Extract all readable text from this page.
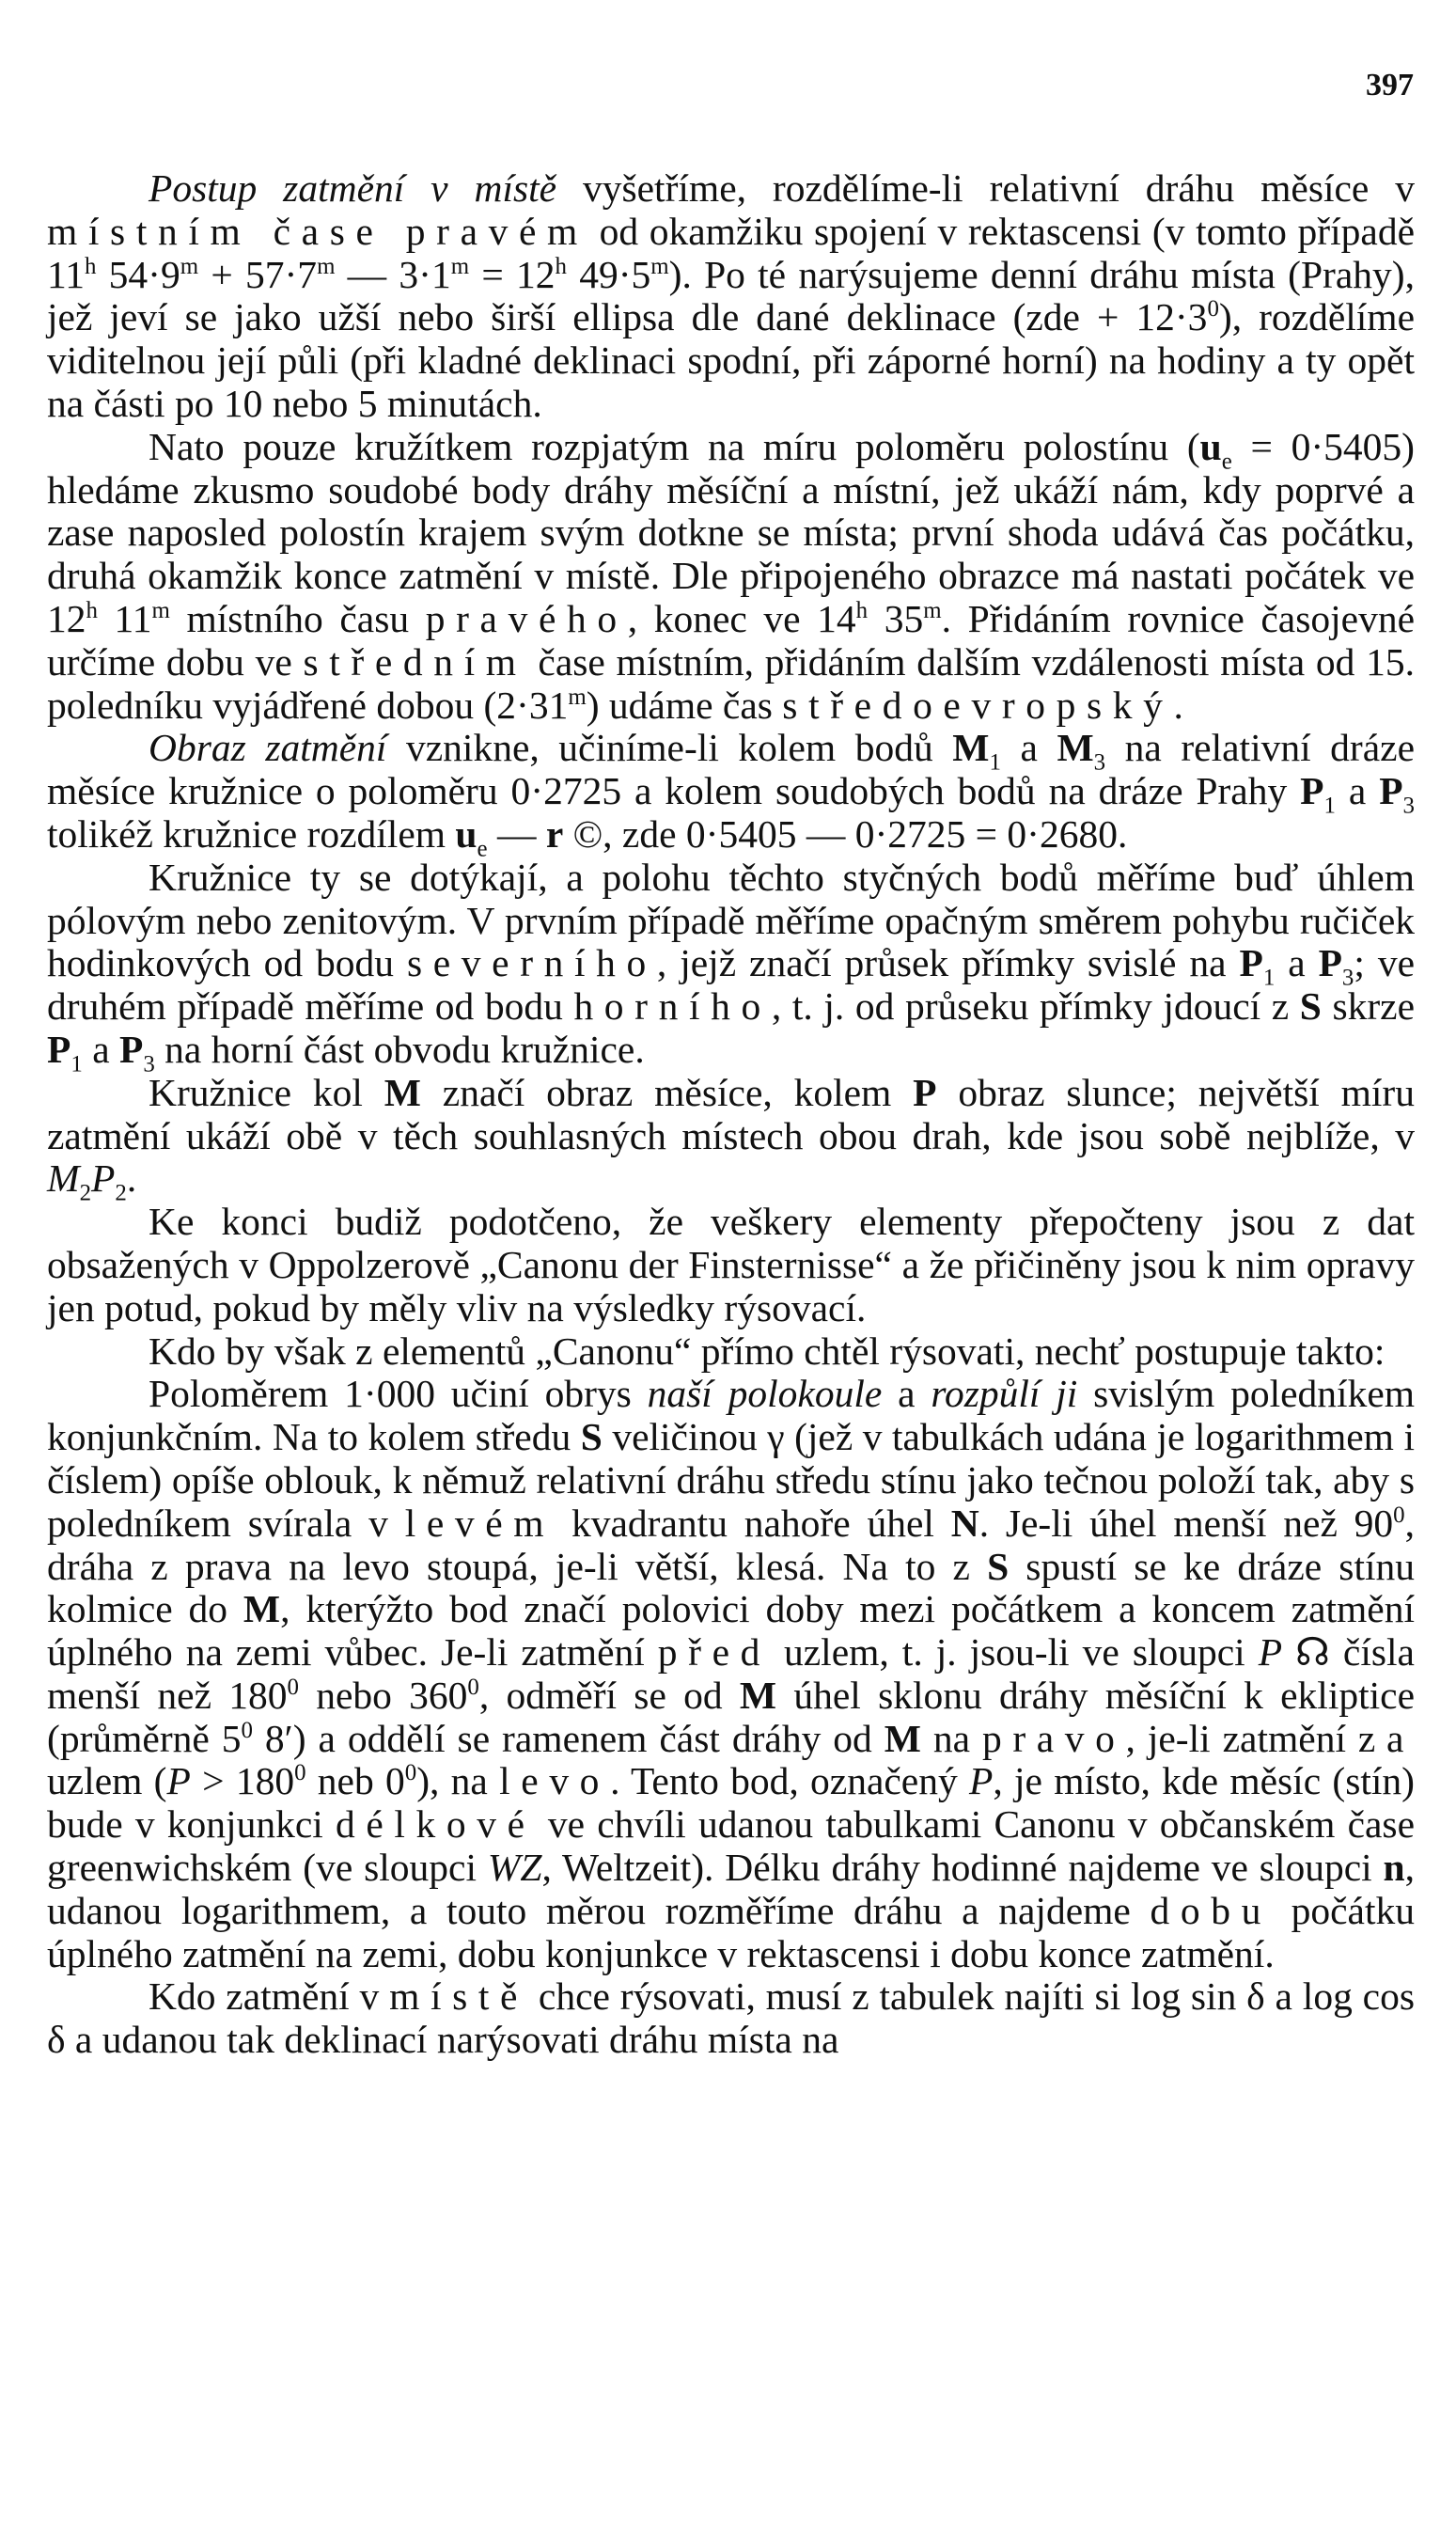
397

Postup zatmění v místě vyšetříme, rozdělíme-li relativní dráhu měsíce v místním čase pravém od okamžiku spojení v rektascensi (v tomto případě 11$^h$ $54\cdot 9^m + 57\cdot 7^m$ — $3\cdot 1^m = 12^h$ $49\cdot 5^m$). Po té narýsujeme denní dráhu místa (Prahy), jež jeví se jako užší nebo širší ellipsa dle dané deklinace $(zde + 12\cdot 3^0)$, rozdělíme viditelnou její půli (při kladné deklinaci spodní, při záporné horní) na hodiny a ty opět na části po 10 nebo 5 minutách.

Nato pouze kružítkem rozpjatým na míru poloměru polostínu $(u_e = 0\cdot 5405)$ hledáme zkusmo soudobé body dráhy měsíční a místní, jež ukáží nám, kdy poprvé a zase naposled polostín krajem svým dotkne se místa; první shoda udává čas počátku, druhá okamžik konce zatmění v místě. Dle připojeného obrazce má nastati počátek ve 12$^h$ 11$^m$ místního času pravého, konec ve 14$^h$ 35$^m$. Přidáním rovnice časojevné určíme dobu ve středním čase místním, přidáním dalším vzdálenosti místa od 15. poledníku vyjádřené dobou $(2\cdot 31^m)$ udáme čas středoevropský.

Obraz zatmění vznikne, učiníme-li kolem bodů $M_1$ a $M_3$ na relativní dráze měsíce kružnice o poloměru 0·2725 a kolem soudobých bodů na dráze Prahy $P_1$ a $P_3$ tolikéž kružnice rozdílem $u_e$ — r ©, zde 0·5405 — 0·2725 = 0·2680.

Kružnice ty se dotýkají, a polohu těchto styčných bodů měříme buď úhlem pólovým nebo zenitovým. V prvním případě měříme opačným směrem pohybu ručiček hodinkových od bodu severního, jejž značí průsek přímky svislé na $P_1$ a $P_3$; ve druhém případě měříme od bodu horního, t. j. od průseku přímky jdoucí z S skrze $P_1$ a $P_3$ na horní část obvodu kružnice.

Kružnice kol M značí obraz měsíce, kolem P obraz slunce; největší míru zatmění ukáží obě v těch souhlasných místech obou drah, kde jsou sobě nejblíže, v $M_2P_2$.

Ke konci budiž podotčeno, že veškery elementy přepočteny jsou z dat obsažených v Oppolzerově „Canonu der Finsternisse“ a že přičiněny jsou k nim opravy jen potud, pokud by měly vliv na výsledky rýsovací.

Kdo by však z elementů „Canonu“ přímo chtěl rýsovati, nechť postupuje takto:

Poloměrem 1·000 učiní obrys naší polokoule a rozpůlí ji svislým poledníkem konjunkčním. Na to kolem středu S veličinou γ (jež v tabulkách udána je logarithmem i číslem) opíše oblouk, k němuž relativní dráhu středu stínu jako tečnou položí tak, aby s poledníkem svírala v levém kvadrantu nahoře úhel N. Je-li úhel menší než $90^0$, dráha z prava na levo stoupá, je-li větší, klesá. Na to z S spustí se ke dráze stínu kolmice do M, kterýžto bod značí polovici doby mezi počátkem a koncem zatmění úplného na zemi vůbec. Je-li zatmění před uzlem, t. j. jsou-li ve sloupci P ☊ čísla menší než $180^0$ nebo $360^0$, odměří se od M úhel sklonu dráhy měsíční k ekliptice (průměrně $5^0$ 8′) a oddělí se ramenem část dráhy od M na pravo, je-li zatmění za uzlem ($P > 180^0$ neb $0^0$), na levo. Tento bod, označený P, je místo, kde měsíc (stín) bude v konjunkci délkové ve chvíli udanou tabulkami Canonu v občanském čase greenwichském (ve sloupci WZ, Weltzeit). Délku dráhy hodinné najdeme ve sloupci n, udanou logarithmem, a touto měrou rozměříme dráhu a najdeme dobu počátku úplného zatmění na zemi, dobu konjunkce v rektascensi i dobu konce zatmění.

Kdo zatmění v místě chce rýsovati, musí z tabulek najíti si log sin δ a log cos δ a udanou tak deklinací narýsovati dráhu místa na
